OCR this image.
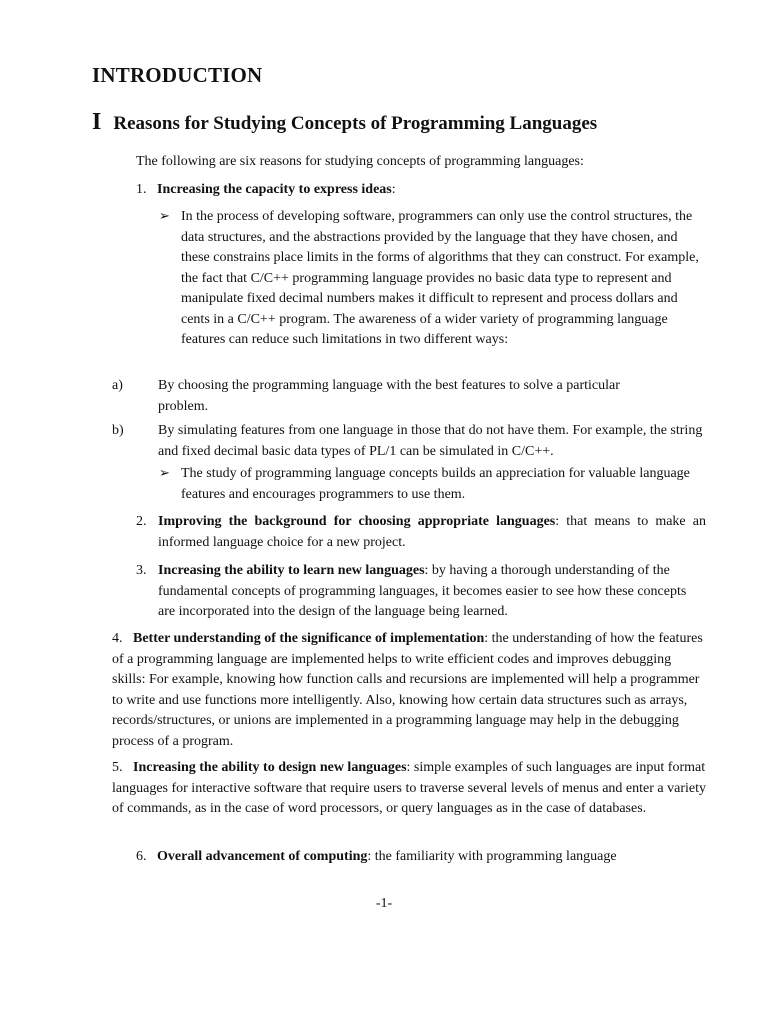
INTRODUCTION
I Reasons for Studying Concepts of Programming Languages
The following are six reasons for studying concepts of programming languages:
1. Increasing the capacity to express ideas:
➢ In the process of developing software, programmers can only use the control structures, the data structures, and the abstractions provided by the language that they have chosen, and these constrains place limits in the forms of algorithms that they can construct. For example, the fact that C/C++ programming language provides no basic data type to represent and manipulate fixed decimal numbers makes it difficult to represent and process dollars and cents in a C/C++ program. The awareness of a wider variety of programming language features can reduce such limitations in two different ways:
a)	By choosing the programming language with the best features to solve a particular problem.
b) By simulating features from one language in those that do not have them. For example, the string and fixed decimal basic data types of PL/1 can be simulated in C/C++.
➢ The study of programming language concepts builds an appreciation for valuable language features and encourages programmers to use them.
2. Improving the background for choosing appropriate languages: that means to make an informed language choice for a new project.
3. Increasing the ability to learn new languages: by having a thorough understanding of the fundamental concepts of programming languages, it becomes easier to see how these concepts are incorporated into the design of the language being learned.
4. Better understanding of the significance of implementation: the understanding of how the features of a programming language are implemented helps to write efficient codes and improves debugging skills: For example, knowing how function calls and recursions are implemented will help a programmer to write and use functions more intelligently. Also, knowing how certain data structures such as arrays, records/structures, or unions are implemented in a programming language may help in the debugging process of a program.
5. Increasing the ability to design new languages: simple examples of such languages are input format languages for interactive software that require users to traverse several levels of menus and enter a variety of commands, as in the case of word processors, or query languages as in the case of databases.
6. Overall advancement of computing: the familiarity with programming language
-1-
